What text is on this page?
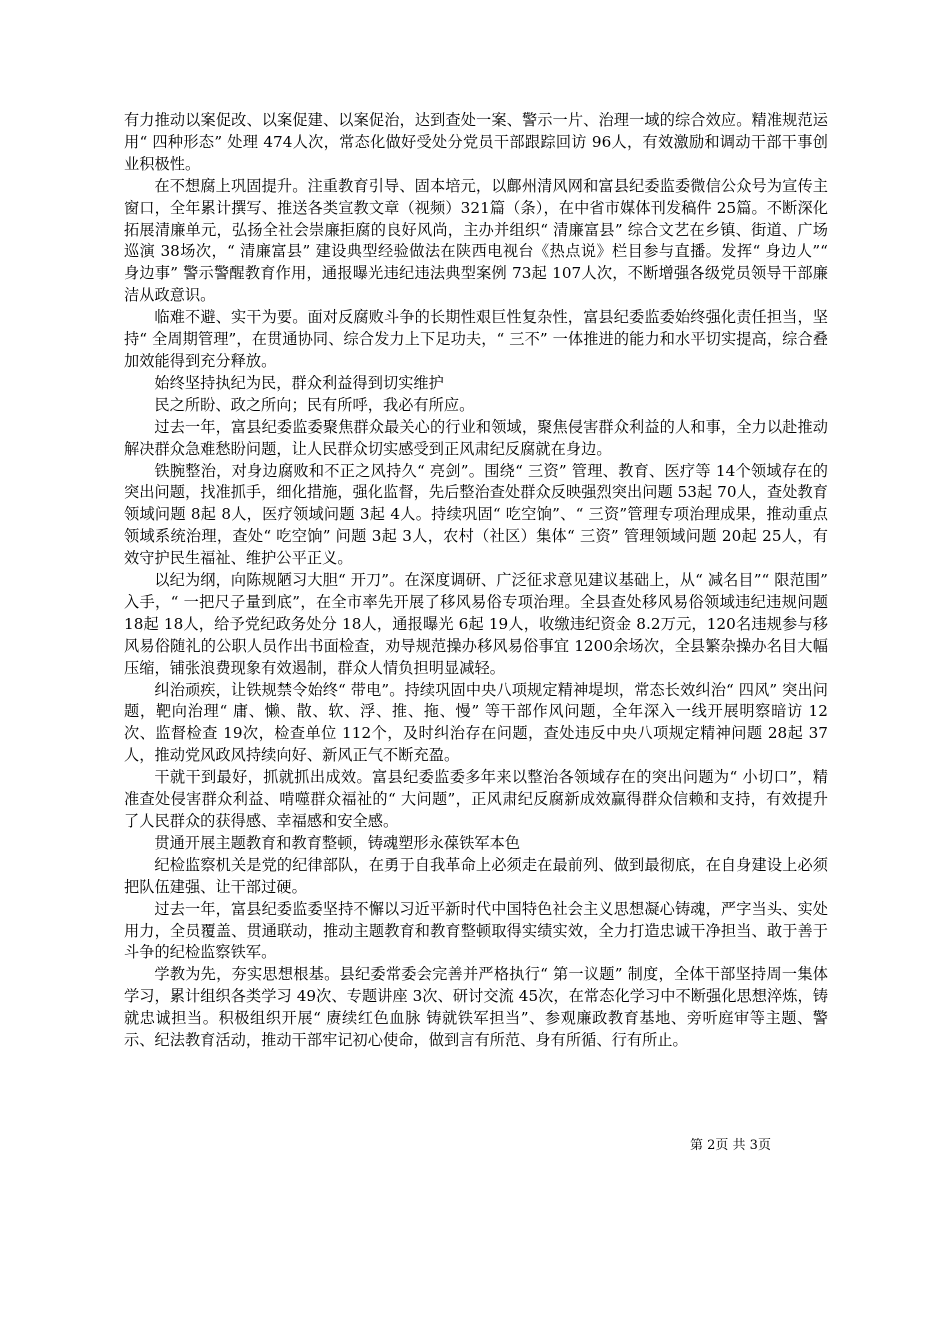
有力推动以案促改、以案促建、以案促治，达到查处一案、警示一片、治理一域的综合效应。精准规范运用“ 四种形态” 处理 474人次，常态化做好受处分党员干部跟踪回访 96人，有效激励和调动干部干事创业积极性。

在不想腐上巩固提升。注重教育引导、固本培元，以鄜州清风网和富县纪委监委微信公众号为宣传主窗口，全年累计撰写、推送各类宣教文章（视频）321篇（条），在中省市媒体刊发稿件 25篇。不断深化拓展清廉单元，弘扬全社会崇廉拒腐的良好风尚，主办并组织“ 清廉富县” 综合文艺在乡镇、街道、广场巡演 38场次，“ 清廉富县” 建设典型经验做法在陕西电视台《热点说》栏目参与直播。发挥“ 身边人”“ 身边事” 警示警醒教育作用，通报曝光违纪违法典型案例 73起 107人次，不断增强各级党员领导干部廉洁从政意识。

临难不避、实干为要。面对反腐败斗争的长期性艰巨性复杂性，富县纪委监委始终强化责任担当，坚持“ 全周期管理”，在贯通协同、综合发力上下足功夫，“ 三不” 一体推进的能力和水平切实提高，综合叠加效能得到充分释放。

始终坚持执纪为民，群众利益得到切实维护

民之所盼、政之所向；民有所呼，我必有所应。

过去一年，富县纪委监委聚焦群众最关心的行业和领域，聚焦侵害群众利益的人和事，全力以赴推动解决群众急难愁盼问题，让人民群众切实感受到正风肃纪反腐就在身边。

铁腕整治，对身边腐败和不正之风持久“ 亮剑”。围绕“ 三资” 管理、教育、医疗等 14个领域存在的突出问题，找准抓手，细化措施，强化监督，先后整治查处群众反映强烈突出问题 53起 70人，查处教育领域问题 8起 8人，医疗领域问题 3起 4人。持续巩固“ 吃空饷”、“ 三资”管理专项治理成果，推动重点领域系统治理，查处“ 吃空饷” 问题 3起 3人，农村（社区）集体“ 三资” 管理领域问题 20起 25人，有效守护民生福祉、维护公平正义。

以纪为纲，向陈规陋习大胆“ 开刀”。在深度调研、广泛征求意见建议基础上，从“ 减名目”“ 限范围” 入手，“ 一把尺子量到底”，在全市率先开展了移风易俗专项治理。全县查处移风易俗领域违纪违规问题 18起 18人，给予党纪政务处分 18人，通报曝光 6起 19人，收缴违纪资金 8.2万元，120名违规参与移风易俗随礼的公职人员作出书面检查，劝导规范操办移风易俗事宜 1200余场次，全县繁杂操办名目大幅压缩，铺张浪费现象有效遏制，群众人情负担明显减轻。

纠治顽疾，让铁规禁令始终“ 带电”。持续巩固中央八项规定精神堤坝，常态长效纠治“ 四风” 突出问题，靶向治理“ 庸、懒、散、软、浮、推、拖、慢” 等干部作风问题，全年深入一线开展明察暗访 12次、监督检查 19次，检查单位 112个，及时纠治存在问题，查处违反中央八项规定精神问题 28起 37人，推动党风政风持续向好、新风正气不断充盈。

干就干到最好，抓就抓出成效。富县纪委监委多年来以整治各领域存在的突出问题为“ 小切口”，精准查处侵害群众利益、啃噬群众福祉的“ 大问题”，正风肃纪反腐新成效赢得群众信赖和支持，有效提升了人民群众的获得感、幸福感和安全感。

贯通开展主题教育和教育整顿，铸魂塑形永葆铁军本色

纪检监察机关是党的纪律部队，在勇于自我革命上必须走在最前列、做到最彻底，在自身建设上必须把队伍建强、让干部过硬。

过去一年，富县纪委监委坚持不懈以习近平新时代中国特色社会主义思想凝心铸魂，严字当头、实处用力，全员覆盖、贯通联动，推动主题教育和教育整顿取得实绩实效，全力打造忠诚干净担当、敢于善于斗争的纪检监察铁军。

学教为先，夯实思想根基。县纪委常委会完善并严格执行“ 第一议题” 制度，全体干部坚持周一集体学习，累计组织各类学习 49次、专题讲座 3次、研讨交流 45次，在常态化学习中不断强化思想淬炼，铸就忠诚担当。积极组织开展“ 赓续红色血脉 铸就铁军担当”、参观廉政教育基地、旁听庭审等主题、警示、纪法教育活动，推动干部牢记初心使命，做到言有所范、身有所循、行有所止。

第 2页 共 3页
